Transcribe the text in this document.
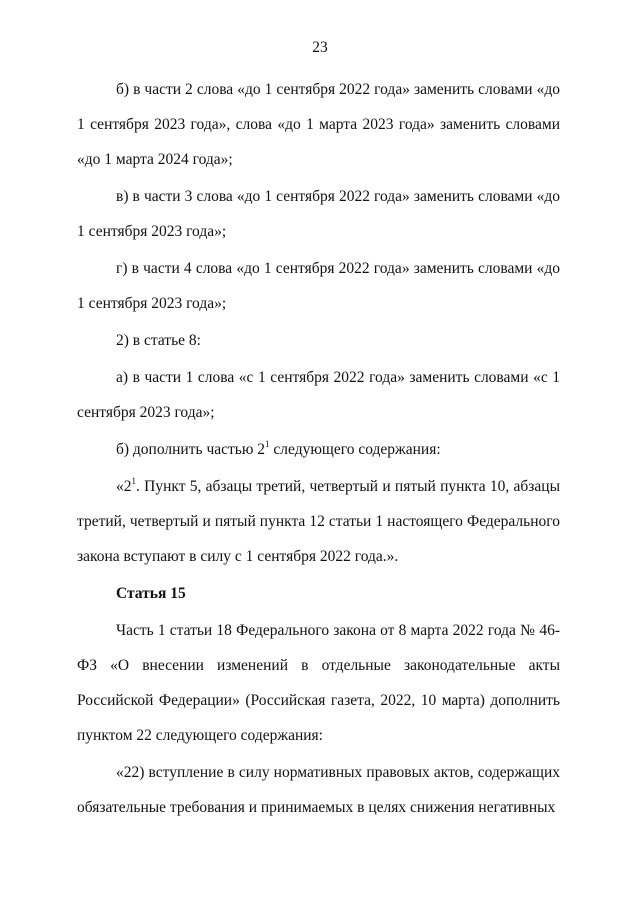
23

б) в части 2 слова «до 1 сентября 2022 года» заменить словами «до 1 сентября 2023 года», слова «до 1 марта 2023 года» заменить словами «до 1 марта 2024 года»;

в) в части 3 слова «до 1 сентября 2022 года» заменить словами «до 1 сентября 2023 года»;

г) в части 4 слова «до 1 сентября 2022 года» заменить словами «до 1 сентября 2023 года»;

2) в статье 8:

а) в части 1 слова «с 1 сентября 2022 года» заменить словами «с 1 сентября 2023 года»;

б) дополнить частью $2^1$ следующего содержания:

«$2^1$. Пункт 5, абзацы третий, четвертый и пятый пункта 10, абзацы третий, четвертый и пятый пункта 12 статьи 1 настоящего Федерального закона вступают в силу с 1 сентября 2022 года.».

Статья 15

Часть 1 статьи 18 Федерального закона от 8 марта 2022 года № 46-ФЗ «О внесении изменений в отдельные законодательные акты Российской Федерации» (Российская газета, 2022, 10 марта) дополнить пунктом 22 следующего содержания:

«22) вступление в силу нормативных правовых актов, содержащих обязательные требования и принимаемых в целях снижения негативных
